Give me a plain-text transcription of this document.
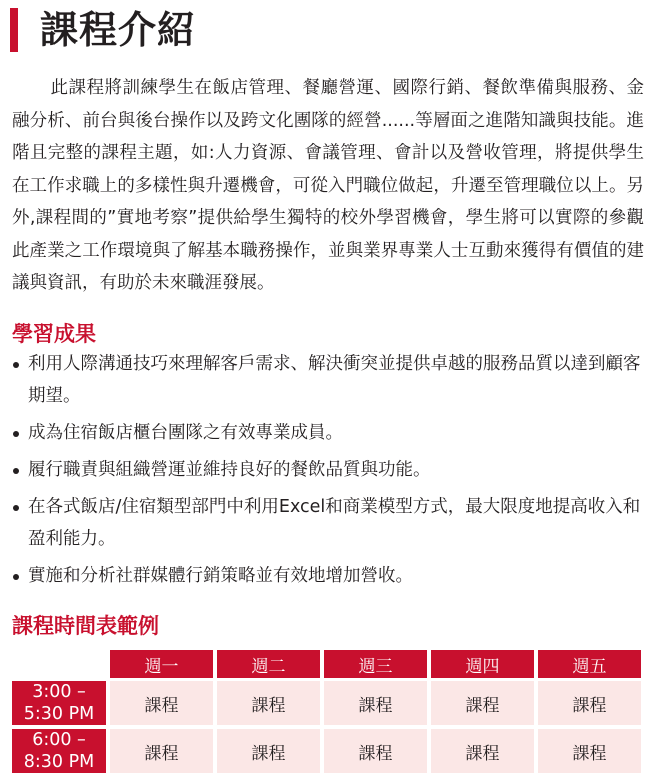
課程介紹

此課程將訓練學生在飯店管理、餐廳營運、國際行銷、餐飲準備與服務、金融分析、前台與後台操作以及跨文化團隊的經營......等層面之進階知識與技能。進階且完整的課程主題，如:人力資源、會議管理、會計以及營收管理，將提供學生在工作求職上的多樣性與升遷機會，可從入門職位做起，升遷至管理職位以上。另外,課程間的”實地考察”提供給學生獨特的校外學習機會，學生將可以實際的參觀此產業之工作環境與了解基本職務操作，並與業界專業人士互動來獲得有價值的建議與資訊，有助於未來職涯發展。

學習成果
利用人際溝通技巧來理解客戶需求、解決衝突並提供卓越的服務品質以達到顧客期望。
成為住宿飯店櫃台團隊之有效專業成員。
履行職責與組織營運並維持良好的餐飲品質與功能。
在各式飯店/住宿類型部門中利用Excel和商業模型方式，最大限度地提高收入和盈利能力。
實施和分析社群媒體行銷策略並有效地增加營收。
課程時間表範例
週一	週二	週三	週四	週五
3:00 –
5:30 PM	課程	課程	課程	課程	課程
6:00 –
8:30 PM	課程	課程	課程	課程	課程
